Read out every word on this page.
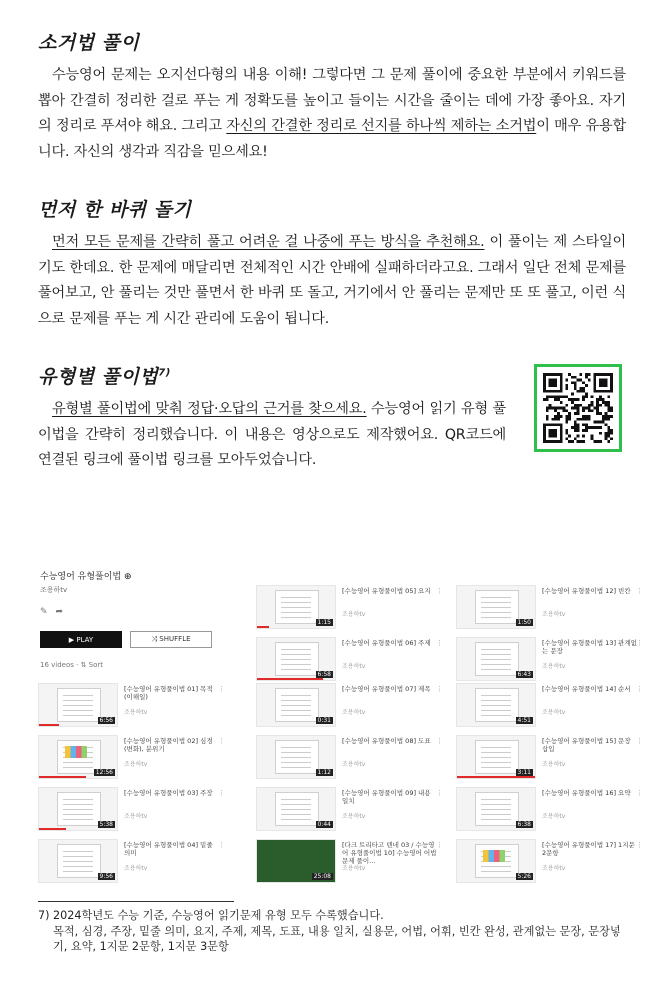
소거법 풀이

수능영어 문제는 오지선다형의 내용 이해! 그렇다면 그 문제 풀이에 중요한 부분에서 키워드를 뽑아 간결히 정리한 걸로 푸는 게 정확도를 높이고 들이는 시간을 줄이는 데에 가장 좋아요. 자기의 정리로 푸셔야 해요. 그리고 자신의 간결한 정리로 선지를 하나씩 제하는 소거법이 매우 유용합니다. 자신의 생각과 직감을 믿으세요!

먼저 한 바퀴 돌기

먼저 모든 문제를 간략히 풀고 어려운 걸 나중에 푸는 방식을 추천해요. 이 풀이는 제 스타일이기도 한데요. 한 문제에 매달리면 전체적인 시간 안배에 실패하더라고요. 그래서 일단 전체 문제를 풀어보고, 안 풀리는 것만 풀면서 한 바퀴 또 돌고, 거기에서 안 풀리는 문제만 또 또 풀고, 이런 식으로 문제를 푸는 게 시간 관리에 도움이 됩니다.

유형별 풀이법$^{7)}$

유형별 풀이법에 맞춰 정답·오답의 근거를 찾으세요. 수능영어 읽기 유형 풀이법을 간략히 정리했습니다. 이 내용은 영상으로도 제작했어요. QR코드에 연결된 링크에 풀이법 링크를 모아두었습니다.

수능영어 유형풀이법 ⊕
조용하tv
✎➦
▶ PLAY	⤨ SHUFFLE
16 videos · ⇅ Sort
6:56
[수능영어 유형풀이법 01] 목적(이해일)
조용하tv
⋮
12:56
[수능영어 유형풀이법 02] 심경(변화), 분위기
조용하tv
⋮
5:38
[수능영어 유형풀이법 03] 주장
조용하tv
⋮
9:56
[수능영어 유형풀이법 04] 밑줄 의미
조용하tv
⋮
1:15
[수능영어 유형풀이법 05] 요지
조용하tv
⋮
6:58
[수능영어 유형풀이법 06] 주제
조용하tv
⋮
0:31
[수능영어 유형풀이법 07] 제목
조용하tv
⋮
1:12
[수능영어 유형풀이법 08] 도표
조용하tv
⋮
0:44
[수능영어 유형풀이법 09] 내용 일치
조용하tv
⋮
25:08
[다크 트리타고 텐네 03 / 수능영어 유형풀이법 10] 수능영어 어법 문제 풀이...
조용하tv
⋮
1:50
[수능영어 유형풀이법 12] 빈칸
조용하tv
⋮
6:43
[수능영어 유형풀이법 13] 관계없는 문장
조용하tv
⋮
4:51
[수능영어 유형풀이법 14] 순서
조용하tv
⋮
3:11
[수능영어 유형풀이법 15] 문장 삽입
조용하tv
⋮
6:38
[수능영어 유형풀이법 16] 요약
조용하tv
⋮
5:26
[수능영어 유형풀이법 17] 1지문 2문항
조용하tv
⋮
7) 2024학년도 수능 기준, 수능영어 읽기문제 유형 모두 수록했습니다.
목적, 심경, 주장, 밑줄 의미, 요지, 주제, 제목, 도표, 내용 일치, 실용문, 어법, 어휘, 빈칸 완성, 관계없는 문장, 문장넣기, 요약, 1지문 2문항, 1지문 3문항
